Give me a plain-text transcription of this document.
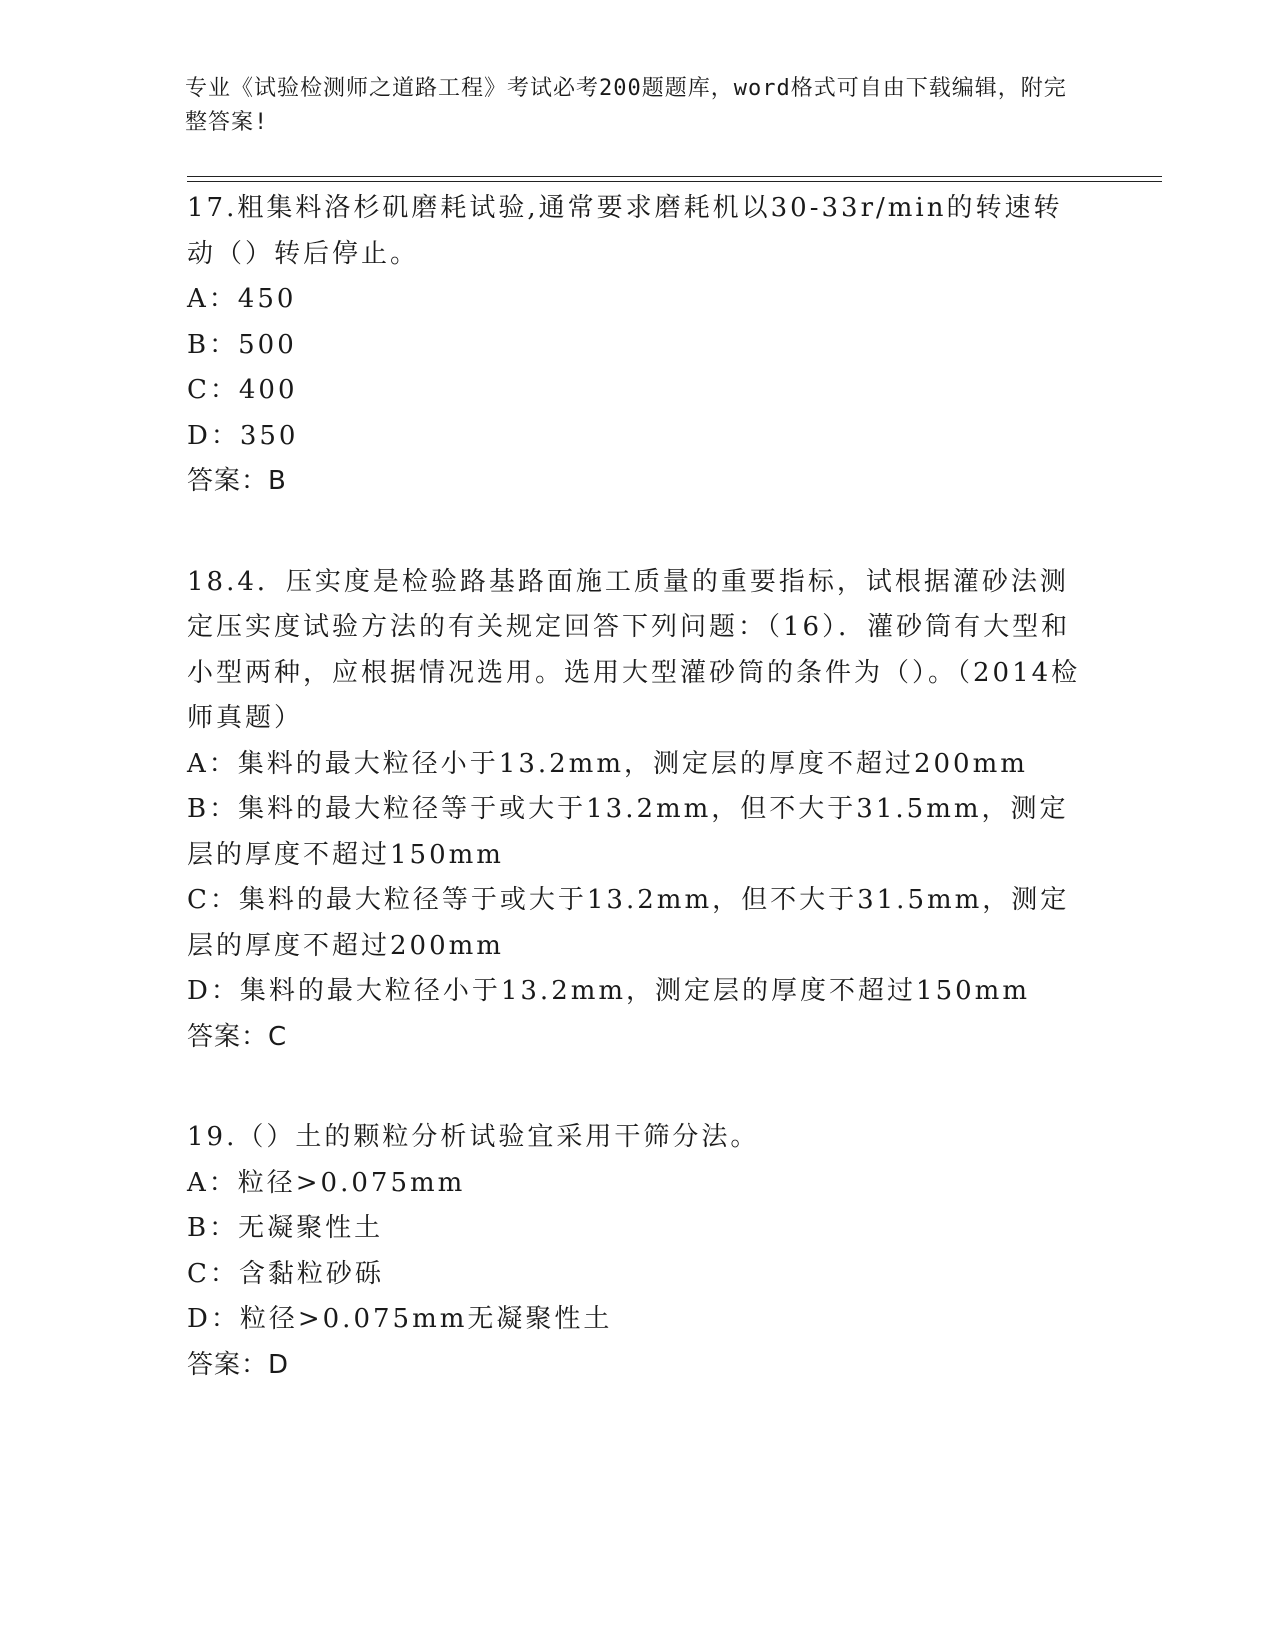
专业《试验检测师之道路工程》考试必考200题题库，word格式可自由下载编辑，附完整答案!
17.粗集料洛杉矶磨耗试验,通常要求磨耗机以30-33r/min的转速转动（）转后停止。
A：450
B：500
C：400
D：350
答案：B
18.4．压实度是检验路基路面施工质量的重要指标，试根据灌砂法测定压实度试验方法的有关规定回答下列问题：（16）．灌砂筒有大型和小型两种，应根据情况选用。选用大型灌砂筒的条件为（）。（2014检师真题）
A：集料的最大粒径小于13.2mm，测定层的厚度不超过200mm
B：集料的最大粒径等于或大于13.2mm，但不大于31.5mm，测定层的厚度不超过150mm
C：集料的最大粒径等于或大于13.2mm，但不大于31.5mm，测定层的厚度不超过200mm
D：集料的最大粒径小于13.2mm，测定层的厚度不超过150mm
答案：C
19.（）土的颗粒分析试验宜采用干筛分法。
A：粒径>0.075mm
B：无凝聚性土
C：含黏粒砂砾
D：粒径>0.075mm无凝聚性土
答案：D
